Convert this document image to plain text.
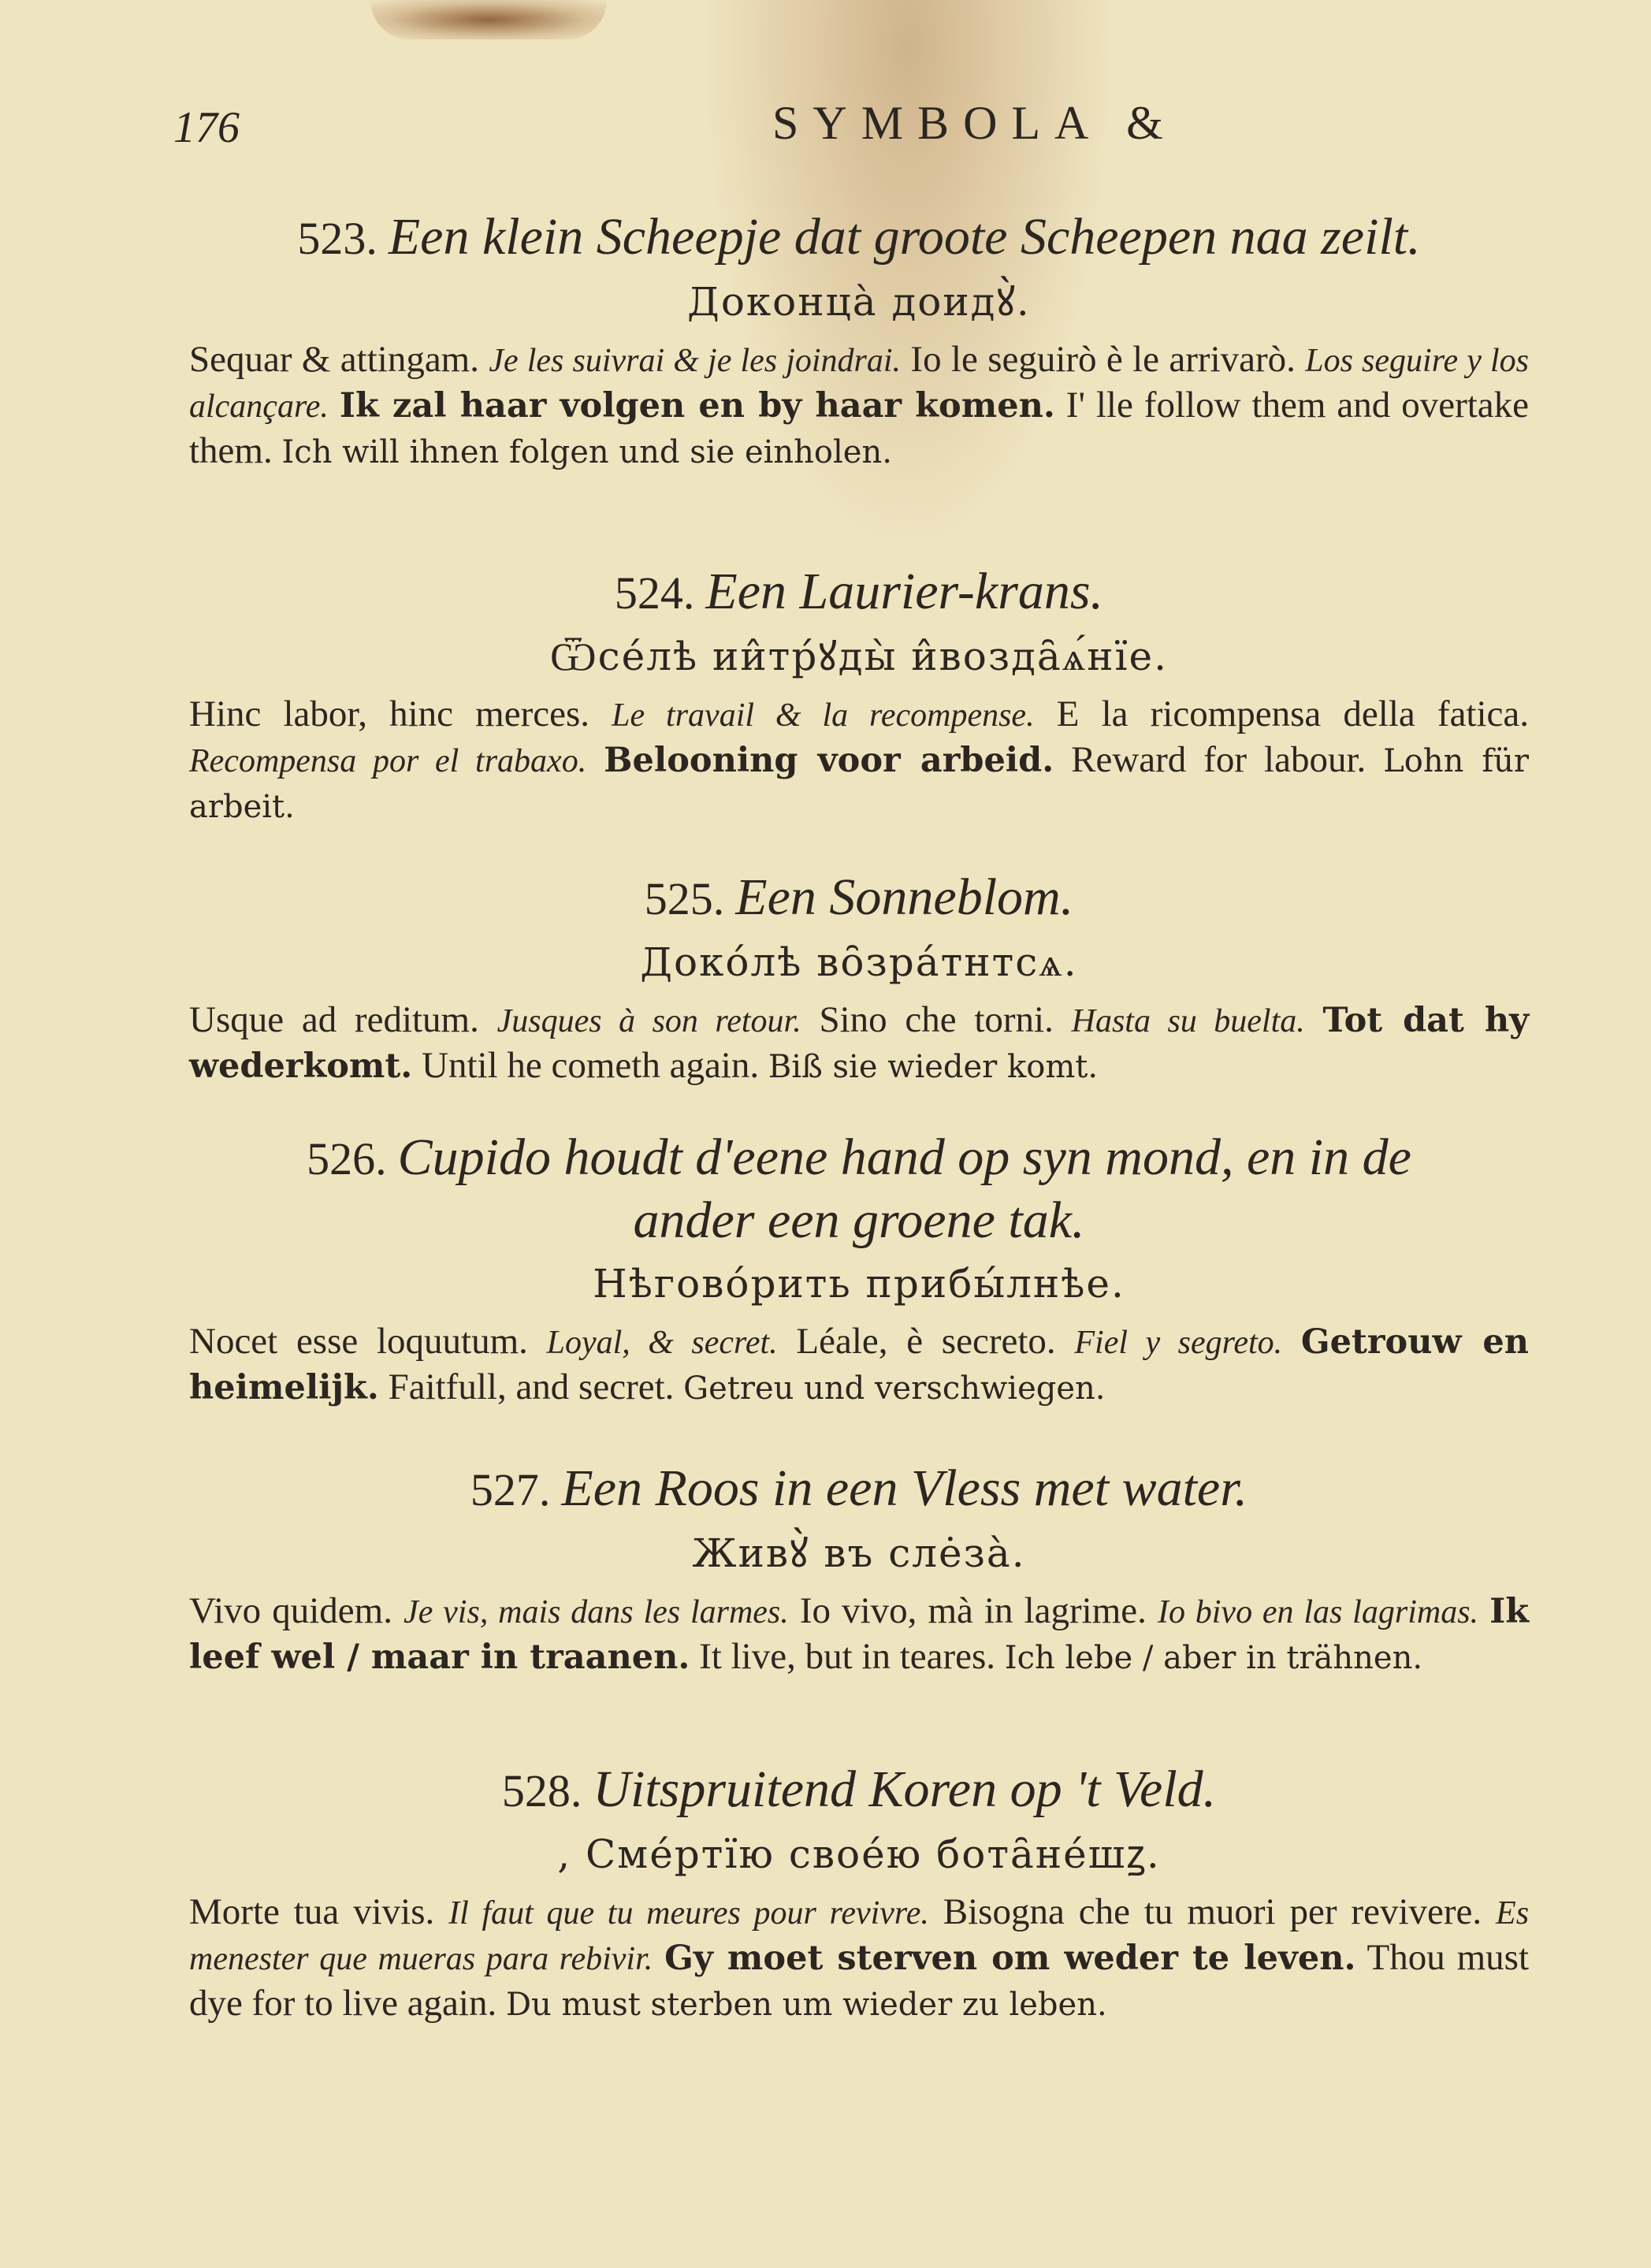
176	SYMBOLA &

523. Een klein Scheepje dat groote Scheepen naa zeilt.

Доконца̀ доидꙋ̀.

Sequar & attingam. Je les suivrai & je les joindrai. Io le seguirò è le arrivarò. Los seguire y los alcançare. Ik zal haar volgen en by haar komen. I' lle follow them and overtake them. Ich will ihnen folgen und sie einholen.

524. Een Laurier-krans.

Ѿсе́лѣ ии̂тр́ꙋды̀ и̂возда̑ѧ́нїе.

Hinc labor, hinc merces. Le travail & la recompense. E la ricompensa della fatica. Recompensa por el trabaxo. Belooning voor arbeid. Reward for labour. Lohn für arbeit.

525. Een Sonneblom.

Доко́лѣ во̑зра́тнтсѧ.

Usque ad reditum. Jusques à son retour. Sino che torni. Hasta su buelta. Tot dat hy wederkomt. Until he cometh again. Biß sie wieder komt.

526. Cupido houdt d'eene hand op syn mond, en in de

ander een groene tak.

Нѣгово́рить прибы́лнѣе.

Nocet esse loquutum. Loyal, & secret. Léale, è secreto. Fiel y segreto. Getrouw en heimelijk. Faitfull, and secret. Getreu und verschwiegen.

527. Een Roos in een Vless met water.

Живꙋ̀ въ сле̇за̀.

Vivo quidem. Je vis, mais dans les larmes. Io vivo, mà in lagrime. Io bivo en las lagrimas. Ik leef wel / maar in traanen. It live, but in teares. Ich lebe / aber in trähnen.

528. Uitspruitend Koren op 't Veld.

, Сме́ртїю свое́ю бота̑не́шꙁ.

Morte tua vivis. Il faut que tu meures pour revivre. Bisogna che tu muori per revivere. Es menester que mueras para rebivir. Gy moet sterven om weder te leven. Thou must dye for to live again. Du must sterben um wieder zu leben.
